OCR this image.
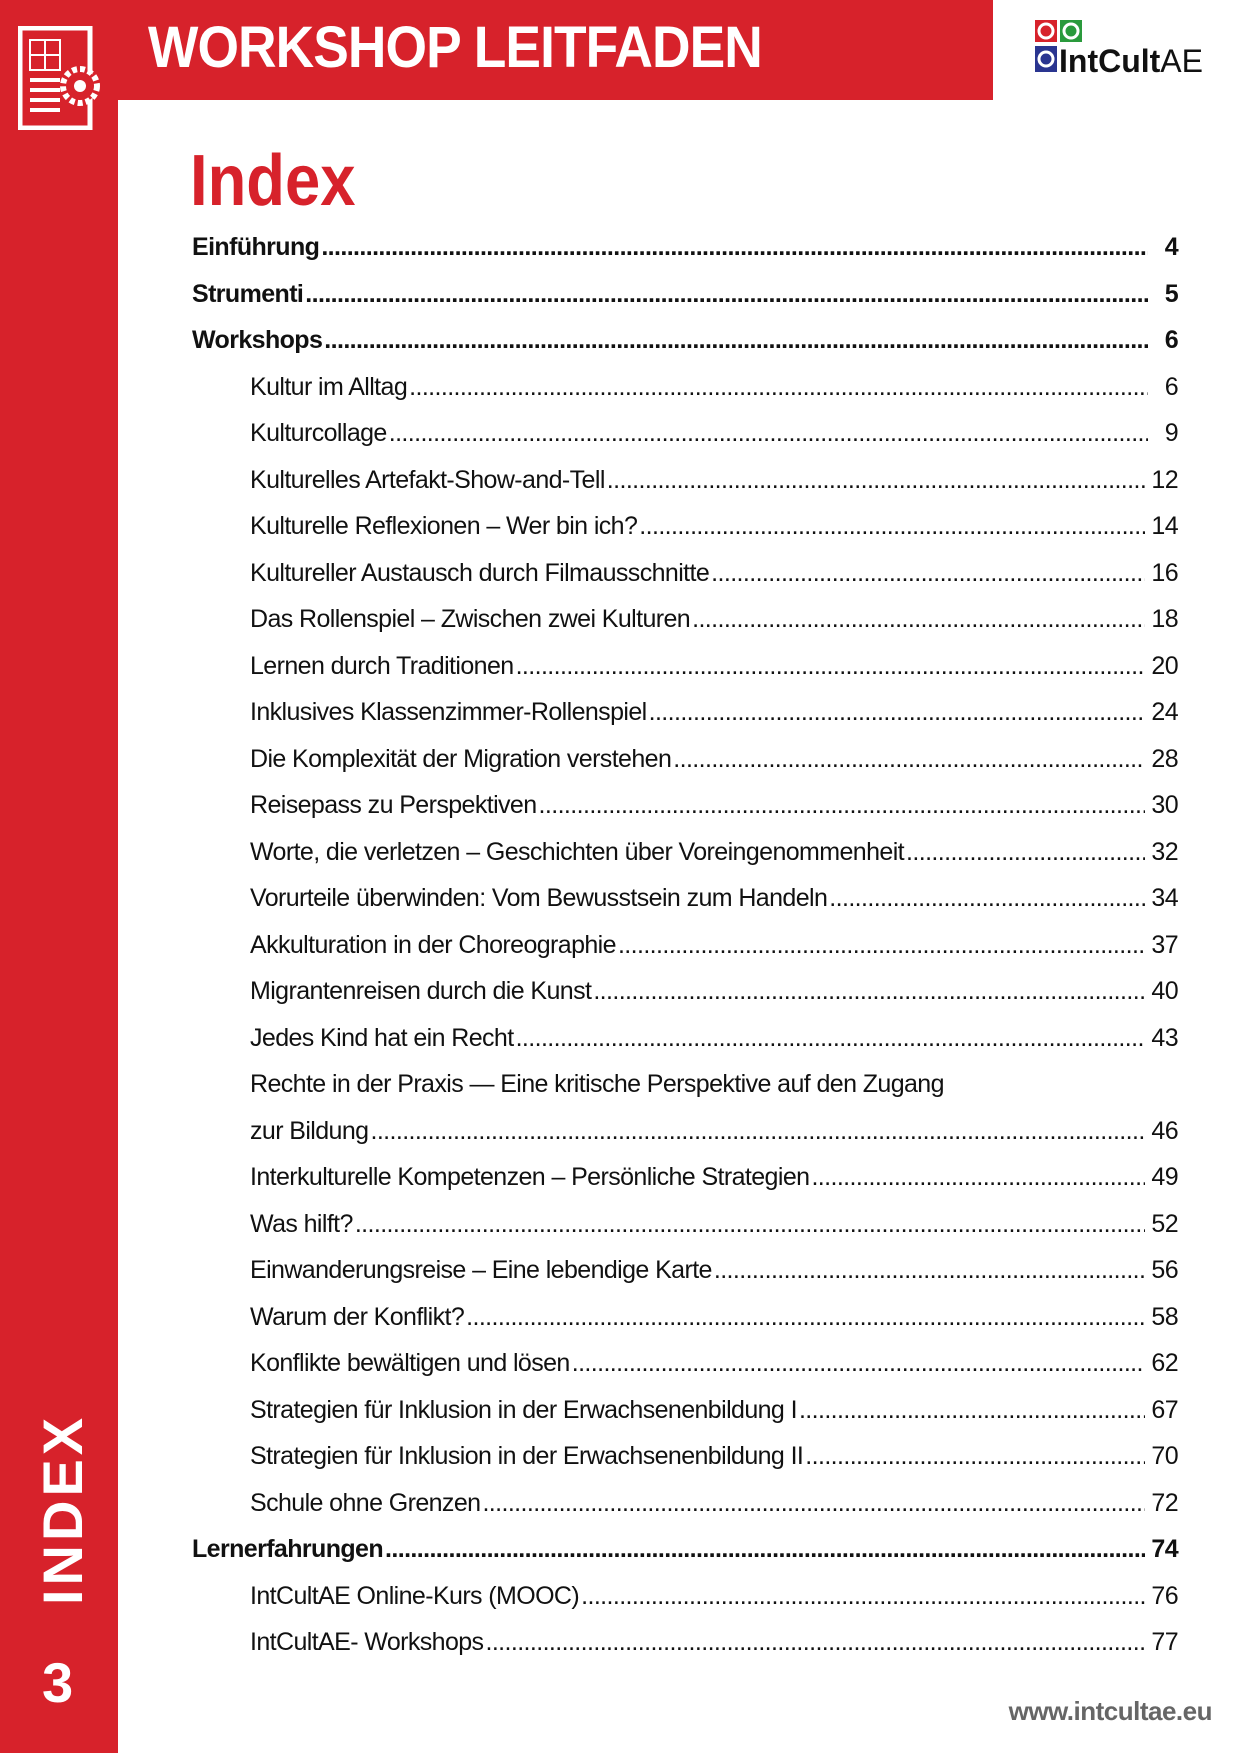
WORKSHOP LEITFADEN	IntCultAE
Index
Einführung .....	4
Strumenti .....	5
Workshops .....	6
Kultur im Alltag .....	6
Kulturcollage .....	9
Kulturelles Artefakt-Show-and-Tell .....	12
Kulturelle Reflexionen – Wer bin ich? .....	14
Kultureller Austausch durch Filmausschnitte .....	16
Das Rollenspiel – Zwischen zwei Kulturen .....	18
Lernen durch Traditionen .....	20
Inklusives Klassenzimmer-Rollenspiel .....	24
Die Komplexität der Migration verstehen .....	28
Reisepass zu Perspektiven .....	30
Worte, die verletzen – Geschichten über Voreingenommenheit .....	32
Vorurteile überwinden: Vom Bewusstsein zum Handeln .....	34
Akkulturation in der Choreographie .....	37
Migrantenreisen durch die Kunst .....	40
Jedes Kind hat ein Recht .....	43
Rechte in der Praxis — Eine kritische Perspektive auf den Zugang
zur Bildung .....	46
Interkulturelle Kompetenzen – Persönliche Strategien .....	49
Was hilft? .....	52
Einwanderungsreise – Eine lebendige Karte .....	56
Warum der Konflikt? .....	58
Konflikte bewältigen und lösen .....	62
Strategien für Inklusion in der Erwachsenenbildung I .....	67
Strategien für Inklusion in der Erwachsenenbildung II .....	70
Schule ohne Grenzen .....	72
Lernerfahrungen .....	74
IntCultAE Online-Kurs (MOOC) .....	76
IntCultAE- Workshops .....	77
INDEX
3	www.intcultae.eu
